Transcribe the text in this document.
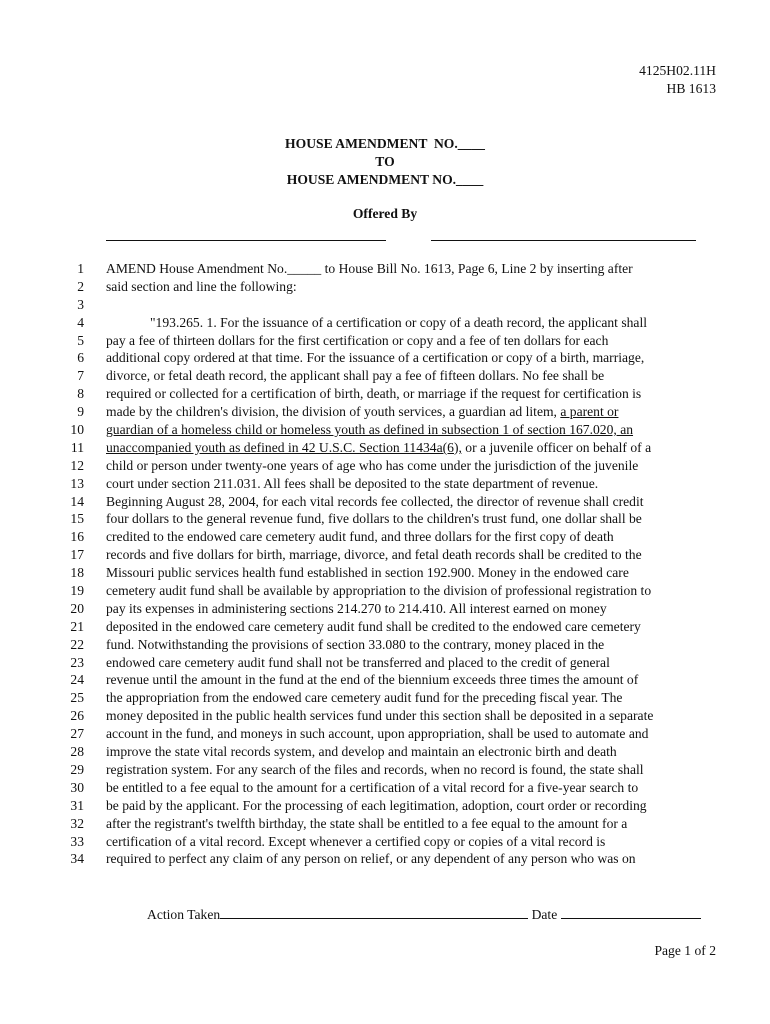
4125H02.11H
HB 1613
HOUSE AMENDMENT  NO.____
TO
HOUSE AMENDMENT NO.____
Offered By
1
2
3
4
5
6
7
8
9
10
11
12
13
14
15
16
17
18
19
20
21
22
23
24
25
26
27
28
29
30
31
32
33
34
AMEND House Amendment No._____ to House Bill No. 1613, Page 6, Line 2 by inserting after
said section and line the following:

"193.265. 1. For the issuance of a certification or copy of a death record, the applicant shall
pay a fee of thirteen dollars for the first certification or copy and a fee of ten dollars for each
additional copy ordered at that time. For the issuance of a certification or copy of a birth, marriage,
divorce, or fetal death record, the applicant shall pay a fee of fifteen dollars. No fee shall be
required or collected for a certification of birth, death, or marriage if the request for certification is
made by the children's division, the division of youth services, a guardian ad litem, a parent or
guardian of a homeless child or homeless youth as defined in subsection 1 of section 167.020, an
unaccompanied youth as defined in 42 U.S.C. Section 11434a(6), or a juvenile officer on behalf of a
child or person under twenty-one years of age who has come under the jurisdiction of the juvenile
court under section 211.031. All fees shall be deposited to the state department of revenue.
Beginning August 28, 2004, for each vital records fee collected, the director of revenue shall credit
four dollars to the general revenue fund, five dollars to the children's trust fund, one dollar shall be
credited to the endowed care cemetery audit fund, and three dollars for the first copy of death
records and five dollars for birth, marriage, divorce, and fetal death records shall be credited to the
Missouri public services health fund established in section 192.900. Money in the endowed care
cemetery audit fund shall be available by appropriation to the division of professional registration to
pay its expenses in administering sections 214.270 to 214.410. All interest earned on money
deposited in the endowed care cemetery audit fund shall be credited to the endowed care cemetery
fund. Notwithstanding the provisions of section 33.080 to the contrary, money placed in the
endowed care cemetery audit fund shall not be transferred and placed to the credit of general
revenue until the amount in the fund at the end of the biennium exceeds three times the amount of
the appropriation from the endowed care cemetery audit fund for the preceding fiscal year. The
money deposited in the public health services fund under this section shall be deposited in a separate
account in the fund, and moneys in such account, upon appropriation, shall be used to automate and
improve the state vital records system, and develop and maintain an electronic birth and death
registration system. For any search of the files and records, when no record is found, the state shall
be entitled to a fee equal to the amount for a certification of a vital record for a five-year search to
be paid by the applicant. For the processing of each legitimation, adoption, court order or recording
after the registrant's twelfth birthday, the state shall be entitled to a fee equal to the amount for a
certification of a vital record. Except whenever a certified copy or copies of a vital record is
required to perfect any claim of any person on relief, or any dependent of any person who was on
Action Taken	Date
Page 1 of 2
